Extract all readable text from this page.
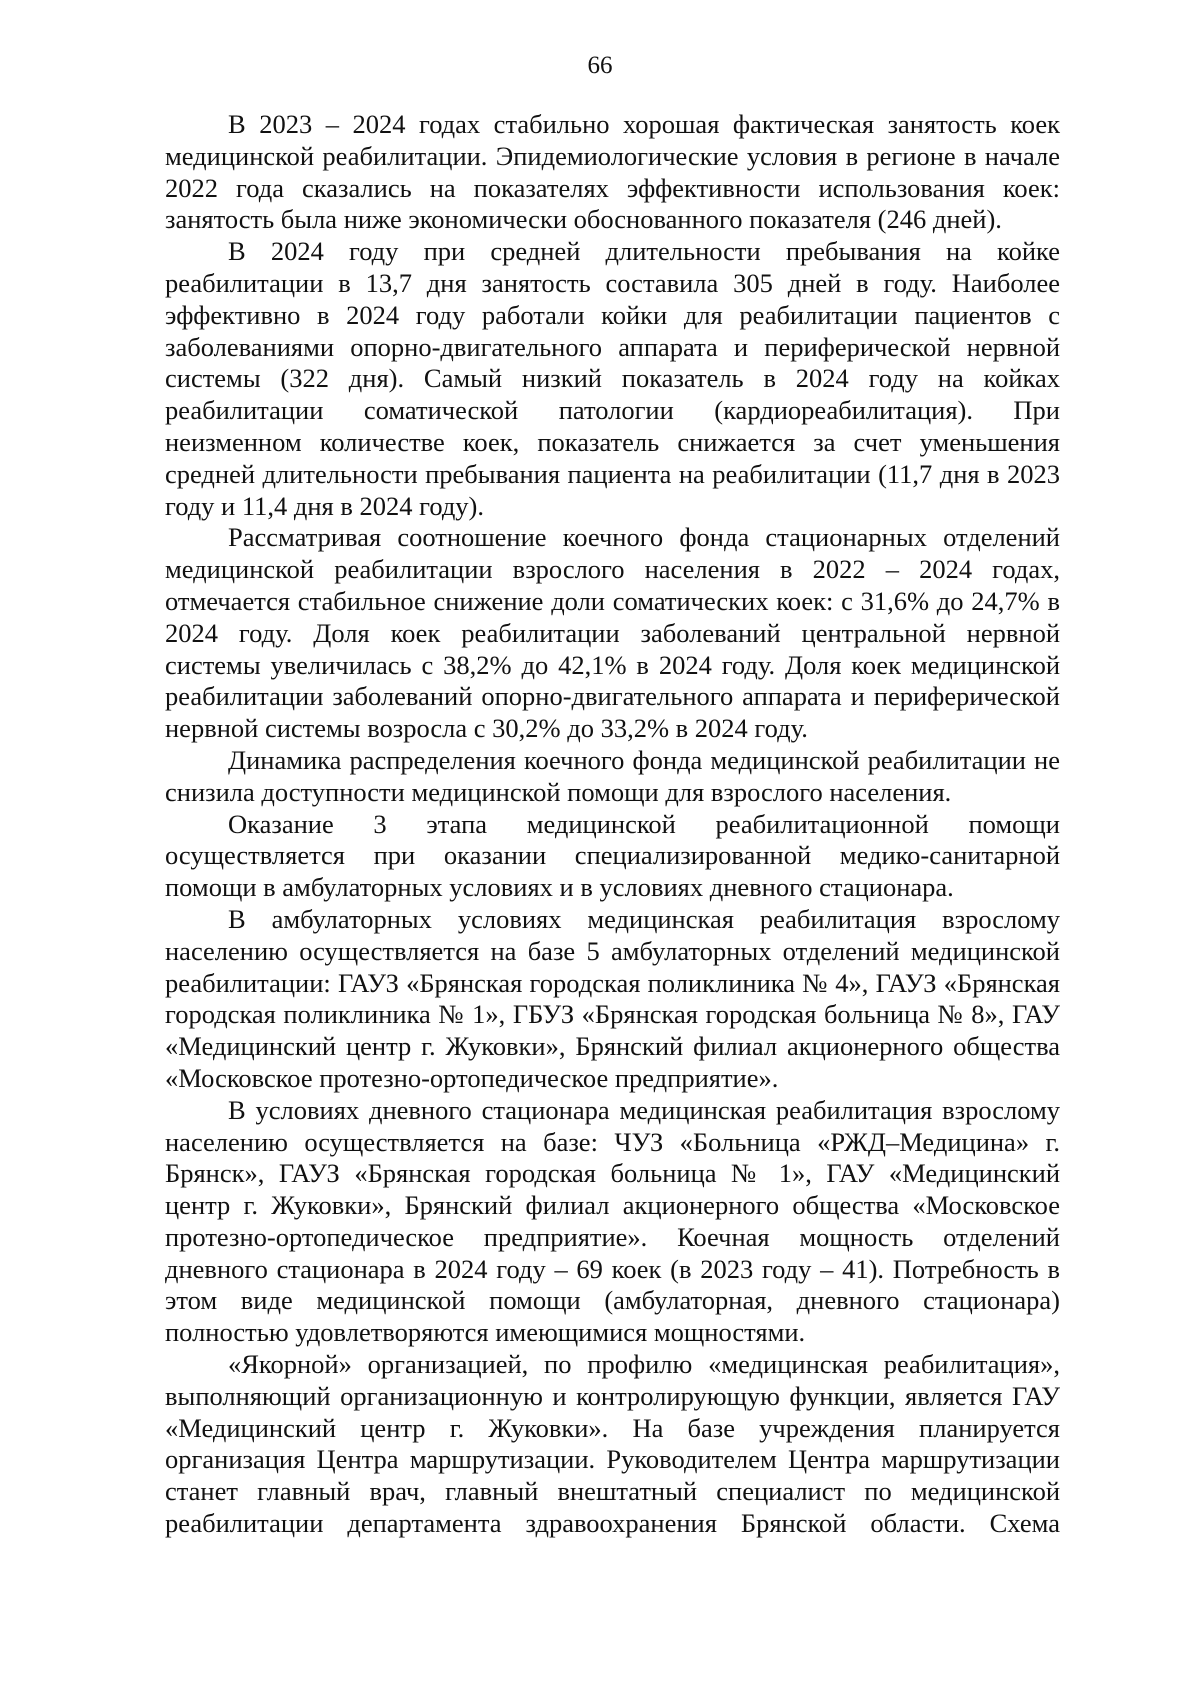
66

В 2023 – 2024 годах стабильно хорошая фактическая занятость коек медицинской реабилитации. Эпидемиологические условия в регионе в начале 2022 года сказались на показателях эффективности использования коек: занятость была ниже экономически обоснованного показателя (246 дней).

В 2024 году при средней длительности пребывания на койке реабилитации в 13,7 дня занятость составила 305 дней в году. Наиболее эффективно в 2024 году работали койки для реабилитации пациентов с заболеваниями опорно-двигательного аппарата и периферической нервной системы (322 дня). Самый низкий показатель в 2024 году на койках реабилитации соматической патологии (кардиореабилитация). При неизменном количестве коек, показатель снижается за счет уменьшения средней длительности пребывания пациента на реабилитации (11,7 дня в 2023 году и 11,4 дня в 2024 году).

Рассматривая соотношение коечного фонда стационарных отделений медицинской реабилитации взрослого населения в 2022 – 2024 годах, отмечается стабильное снижение доли соматических коек: с 31,6% до 24,7% в 2024 году. Доля коек реабилитации заболеваний центральной нервной системы увеличилась с 38,2% до 42,1% в 2024 году. Доля коек медицинской реабилитации заболеваний опорно-двигательного аппарата и периферической нервной системы возросла с 30,2% до 33,2% в 2024 году.

Динамика распределения коечного фонда медицинской реабилитации не снизила доступности медицинской помощи для взрослого населения.

Оказание 3 этапа медицинской реабилитационной помощи осуществляется при оказании специализированной медико-санитарной помощи в амбулаторных условиях и в условиях дневного стационара.

В амбулаторных условиях медицинская реабилитация взрослому населению осуществляется на базе 5 амбулаторных отделений медицинской реабилитации: ГАУЗ «Брянская городская поликлиника № 4», ГАУЗ «Брянская городская поликлиника № 1», ГБУЗ «Брянская городская больница № 8», ГАУ «Медицинский центр г. Жуковки», Брянский филиал акционерного общества «Московское протезно-ортопедическое предприятие».

В условиях дневного стационара медицинская реабилитация взрослому населению осуществляется на базе: ЧУЗ «Больница «РЖД–Медицина» г. Брянск», ГАУЗ «Брянская городская больница № 1», ГАУ «Медицинский центр г. Жуковки», Брянский филиал акционерного общества «Московское протезно-ортопедическое предприятие». Коечная мощность отделений дневного стационара в 2024 году – 69 коек (в 2023 году – 41). Потребность в этом виде медицинской помощи (амбулаторная, дневного стационара) полностью удовлетворяются имеющимися мощностями.

«Якорной» организацией, по профилю «медицинская реабилитация», выполняющий организационную и контролирующую функции, является ГАУ «Медицинский центр г. Жуковки». На базе учреждения планируется организация Центра маршрутизации. Руководителем Центра маршрутизации станет главный врач, главный внештатный специалист по медицинской реабилитации департамента здравоохранения Брянской области. Схема
